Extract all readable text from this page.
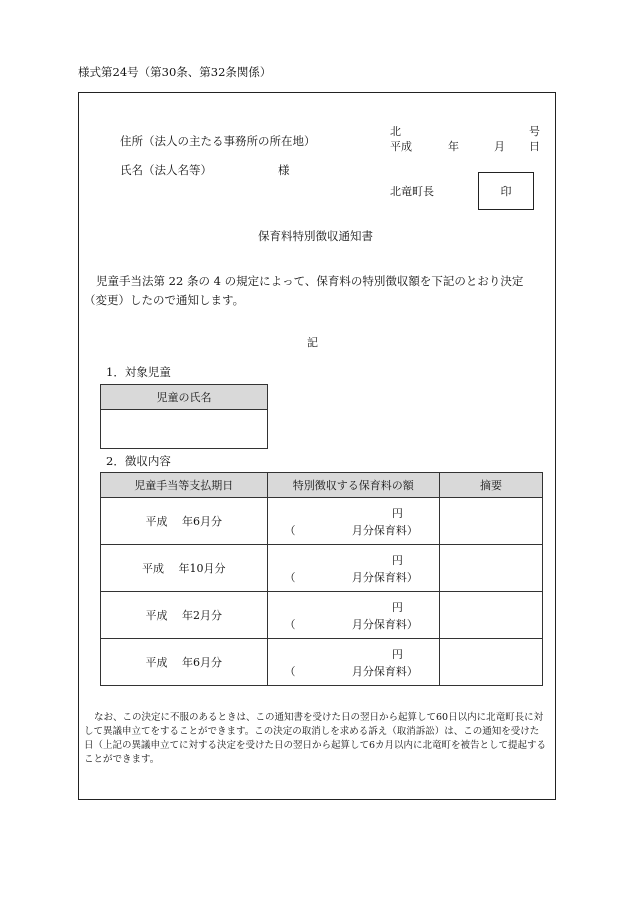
様式第24号（第30条、第32条関係）
住所（法人の主たる事務所の所在地）
氏名（法人名等）	様
北	号
平成	年	月 日
北竜町長	印
保育料特別徴収通知書
児童手当法第 22 条の 4 の規定によって、保育料の特別徴収額を下記のとおり決定（変更）したので通知します。
記
1．対象児童
児童の氏名

2．徴収内容
児童手当等支払期日	特別徴収する保育料の額	摘要
平成　 年6月分	円
（ 月分保育料）	

平成　 年10月分	円
（ 月分保育料）	

平成　 年2月分	円
（ 月分保育料）	

平成　 年6月分	円
（ 月分保育料）	

なお、この決定に不服のあるときは、この通知書を受けた日の翌日から起算して60日以内に北竜町長に対して異議申立てをすることができます。この決定の取消しを求める訴え（取消訴訟）は、この通知を受けた日（上記の異議申立てに対する決定を受けた日の翌日から起算して6カ月以内に北竜町を被告として提起することができます。
